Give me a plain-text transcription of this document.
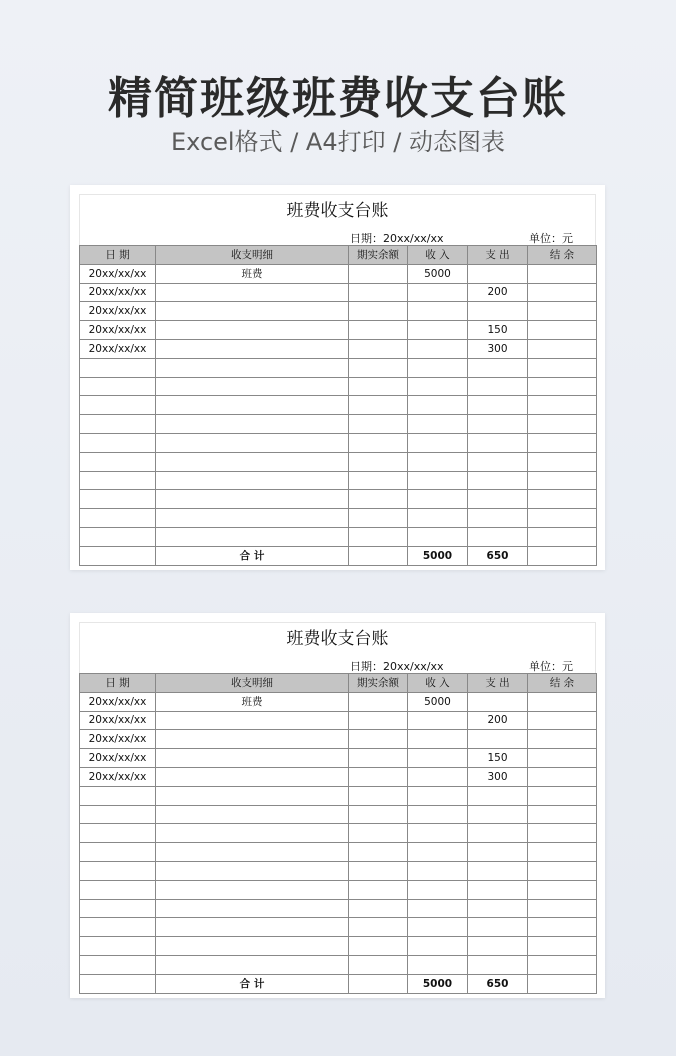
精简班级班费收支台账
Excel格式 / A4打印 / 动态图表
班费收支台账
日期：20xx/xx/xx	单位：元
日 期	收支明细	期实余额	收 入	支 出	结 余
20xx/xx/xx	班费		5000		
20xx/xx/xx				200	
20xx/xx/xx					
20xx/xx/xx				150	
20xx/xx/xx				300	

	合 计		5000	650	
班费收支台账
日期：20xx/xx/xx	单位：元
日 期	收支明细	期实余额	收 入	支 出	结 余
20xx/xx/xx	班费		5000		
20xx/xx/xx				200	
20xx/xx/xx					
20xx/xx/xx				150	
20xx/xx/xx				300	

	合 计		5000	650	
